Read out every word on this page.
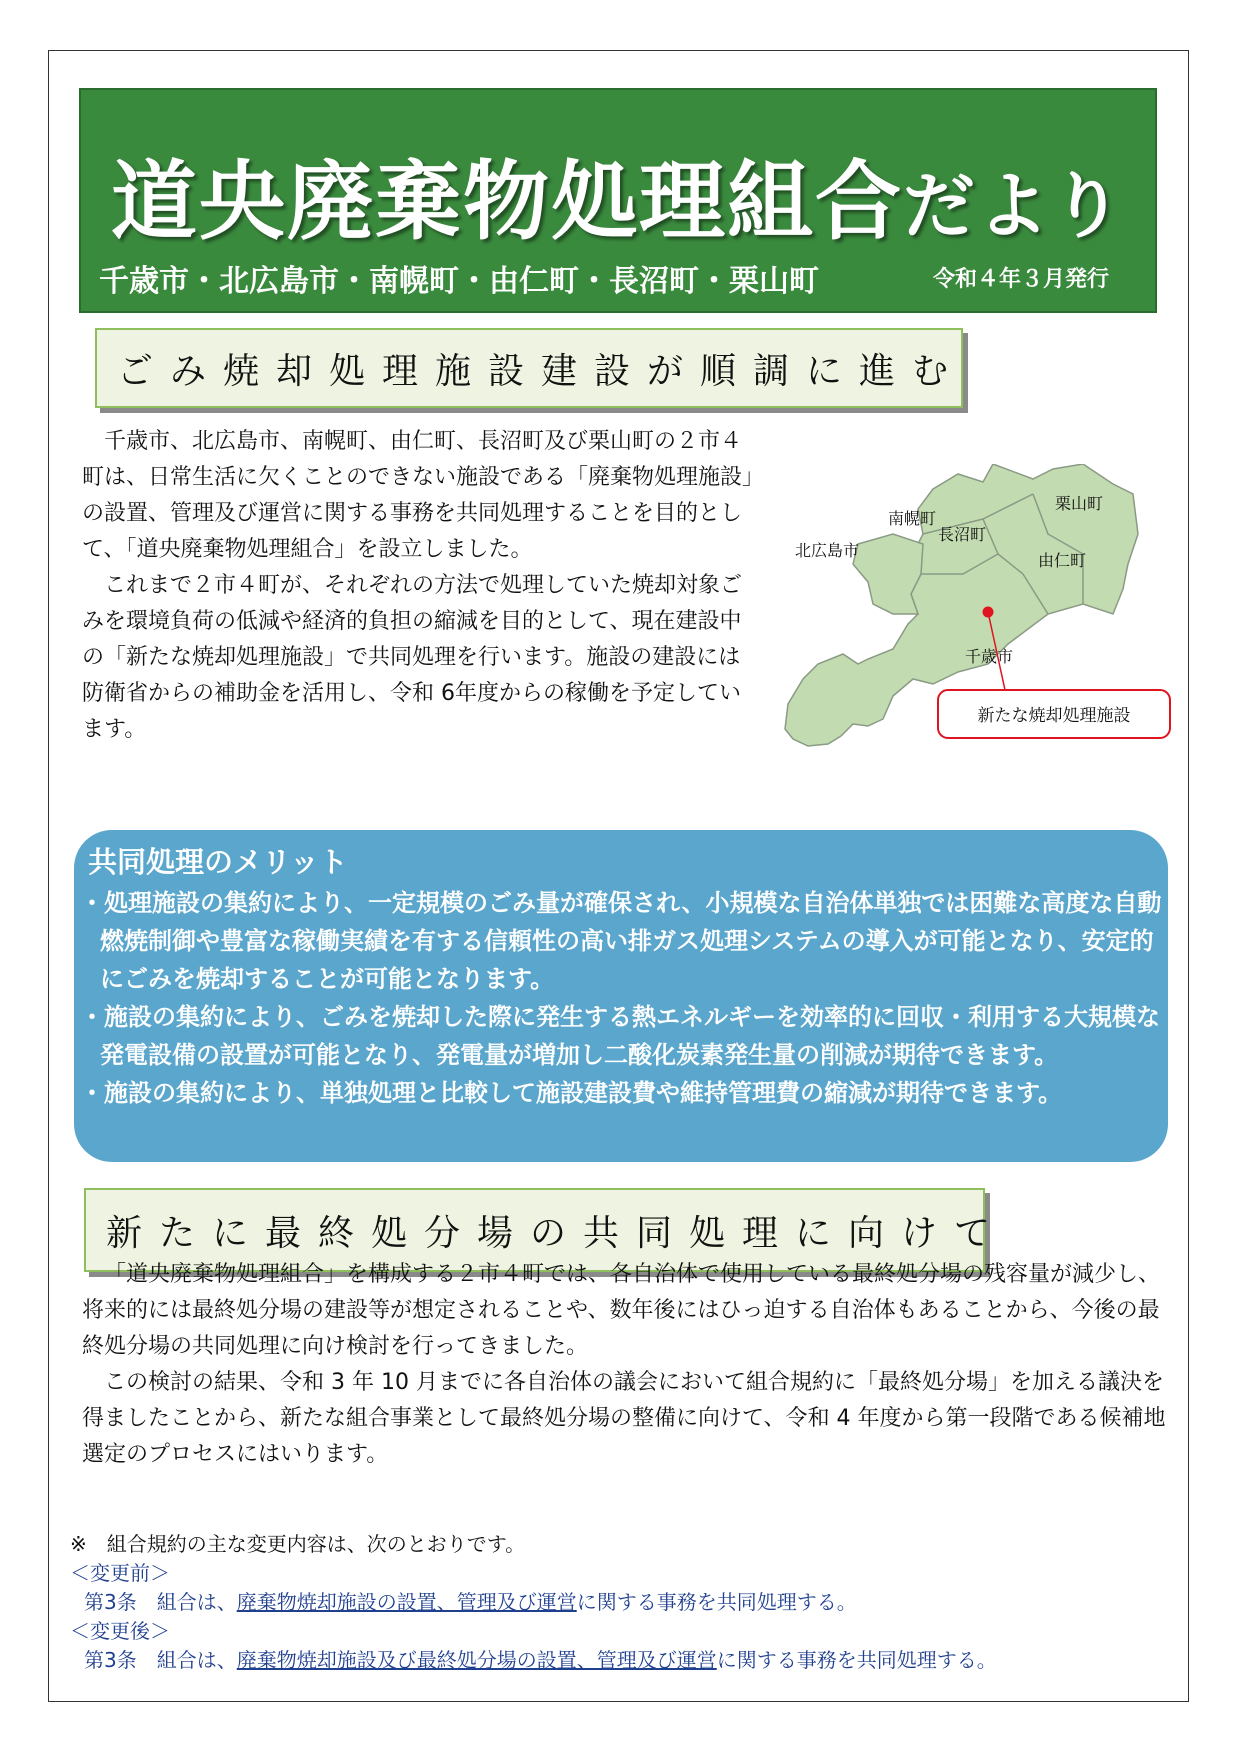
道央廃棄物処理組合だより
千歳市・北広島市・南幌町・由仁町・長沼町・栗山町	令和４年３月発行
ごみ焼却処理施設建設が順調に進む

千歳市、北広島市、南幌町、由仁町、長沼町及び栗山町の２市４町は、日常生活に欠くことのできない施設である「廃棄物処理施設」の設置、管理及び運営に関する事務を共同処理することを目的として、「道央廃棄物処理組合」を設立しました。

これまで２市４町が、それぞれの方法で処理していた焼却対象ごみを環境負荷の低減や経済的負担の縮減を目的として、現在建設中の「新たな焼却処理施設」で共同処理を行います。施設の建設には防衛省からの補助金を活用し、令和 6年度からの稼働を予定しています。

南幌町
栗山町
北広島市
長沼町
由仁町
千歳市
新たな焼却処理施設
共同処理のメリット
・ 処理施設の集約により、一定規模のごみ量が確保され、小規模な自治体単独では困難な高度な自動燃焼制御や豊富な稼働実績を有する信頼性の高い排ガス処理システムの導入が可能となり、安定的にごみを焼却することが可能となります。
・ 施設の集約により、ごみを焼却した際に発生する熱エネルギーを効率的に回収・利用する大規模な発電設備の設置が可能となり、発電量が増加し二酸化炭素発生量の削減が期待できます。
・ 施設の集約により、単独処理と比較して施設建設費や維持管理費の縮減が期待できます。
新たに最終処分場の共同処理に向けて

「道央廃棄物処理組合」を構成する２市４町では、各自治体で使用している最終処分場の残容量が減少し、将来的には最終処分場の建設等が想定されることや、数年後にはひっ迫する自治体もあることから、今後の最終処分場の共同処理に向け検討を行ってきました。

この検討の結果、令和 3 年 10 月までに各自治体の議会において組合規約に「最終処分場」を加える議決を得ましたことから、新たな組合事業として最終処分場の整備に向けて、令和 4 年度から第一段階である候補地選定のプロセスにはいります。

※　組合規約の主な変更内容は、次のとおりです。
＜変更前＞
第3条　組合は、廃棄物焼却施設の設置、管理及び運営に関する事務を共同処理する。
＜変更後＞
第3条　組合は、廃棄物焼却施設及び最終処分場の設置、管理及び運営に関する事務を共同処理する。
